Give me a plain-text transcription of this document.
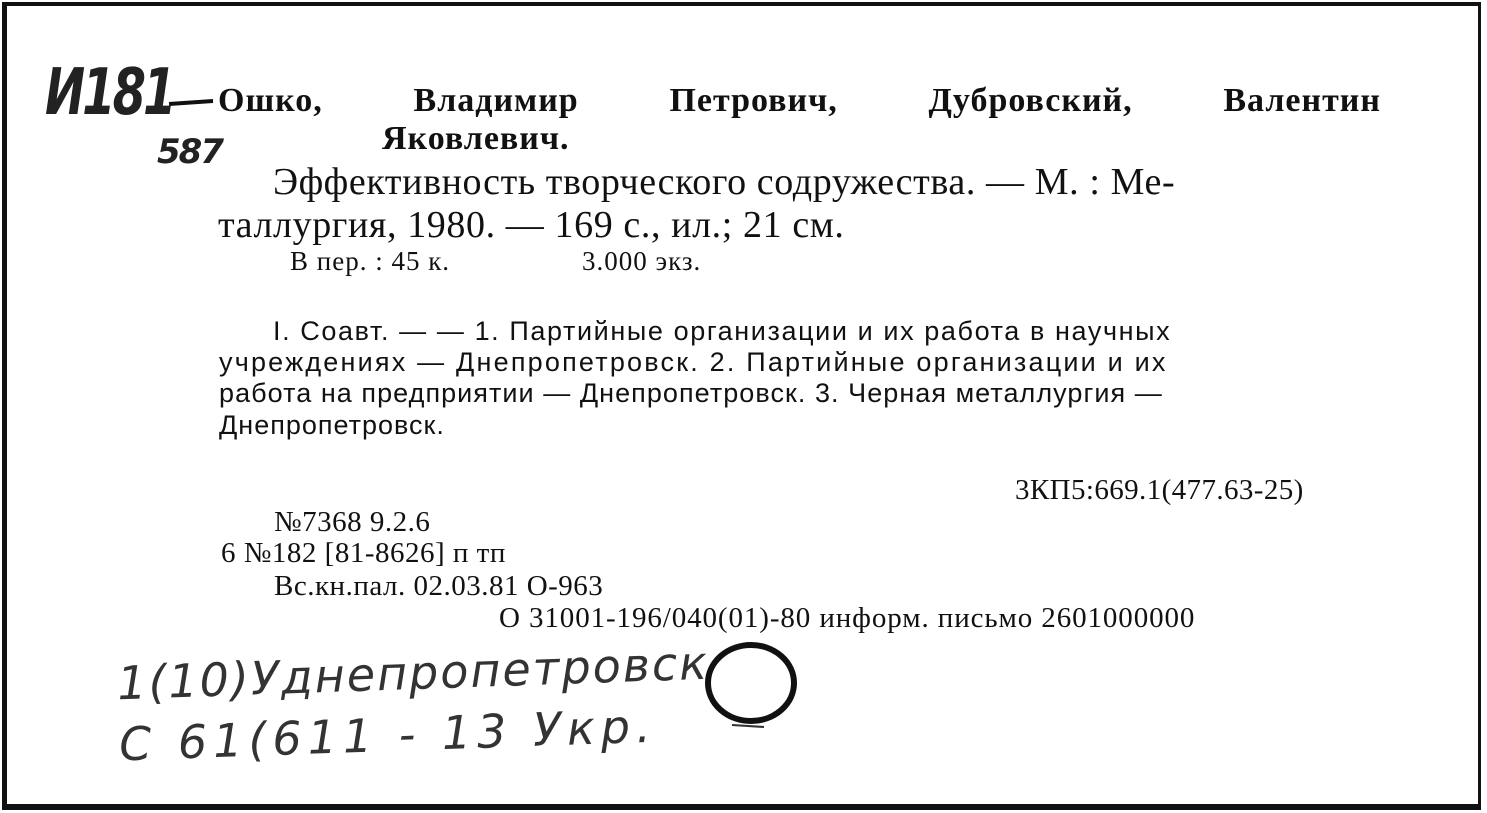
И181
587
Ошко,	Владимир	Петрович,	Дубровский,	Валентин
Яковлевич.
Эффективность творческого содружества. — М. : Ме-
таллургия, 1980. — 169 с., ил.; 21 см.
В пер. : 45 к.	3.000 экз.
I. Соавт. — — 1. Партийные организации и их работа в научных
учреждениях — Днепропетровск. 2. Партийные организации и их
работа на предприятии — Днепропетровск. 3. Черная металлургия —
Днепропетровск.
3КП5:669.1(477.63-25)
№7368 9.2.6
6 №182 [81-8626] п тп
Вс.кн.пал. 02.03.81 О-963
О 31001-196/040(01)-80 информ. письмо 2601000000
1(10)Уднепропетровск
С 61(611 - 13 Укр.
